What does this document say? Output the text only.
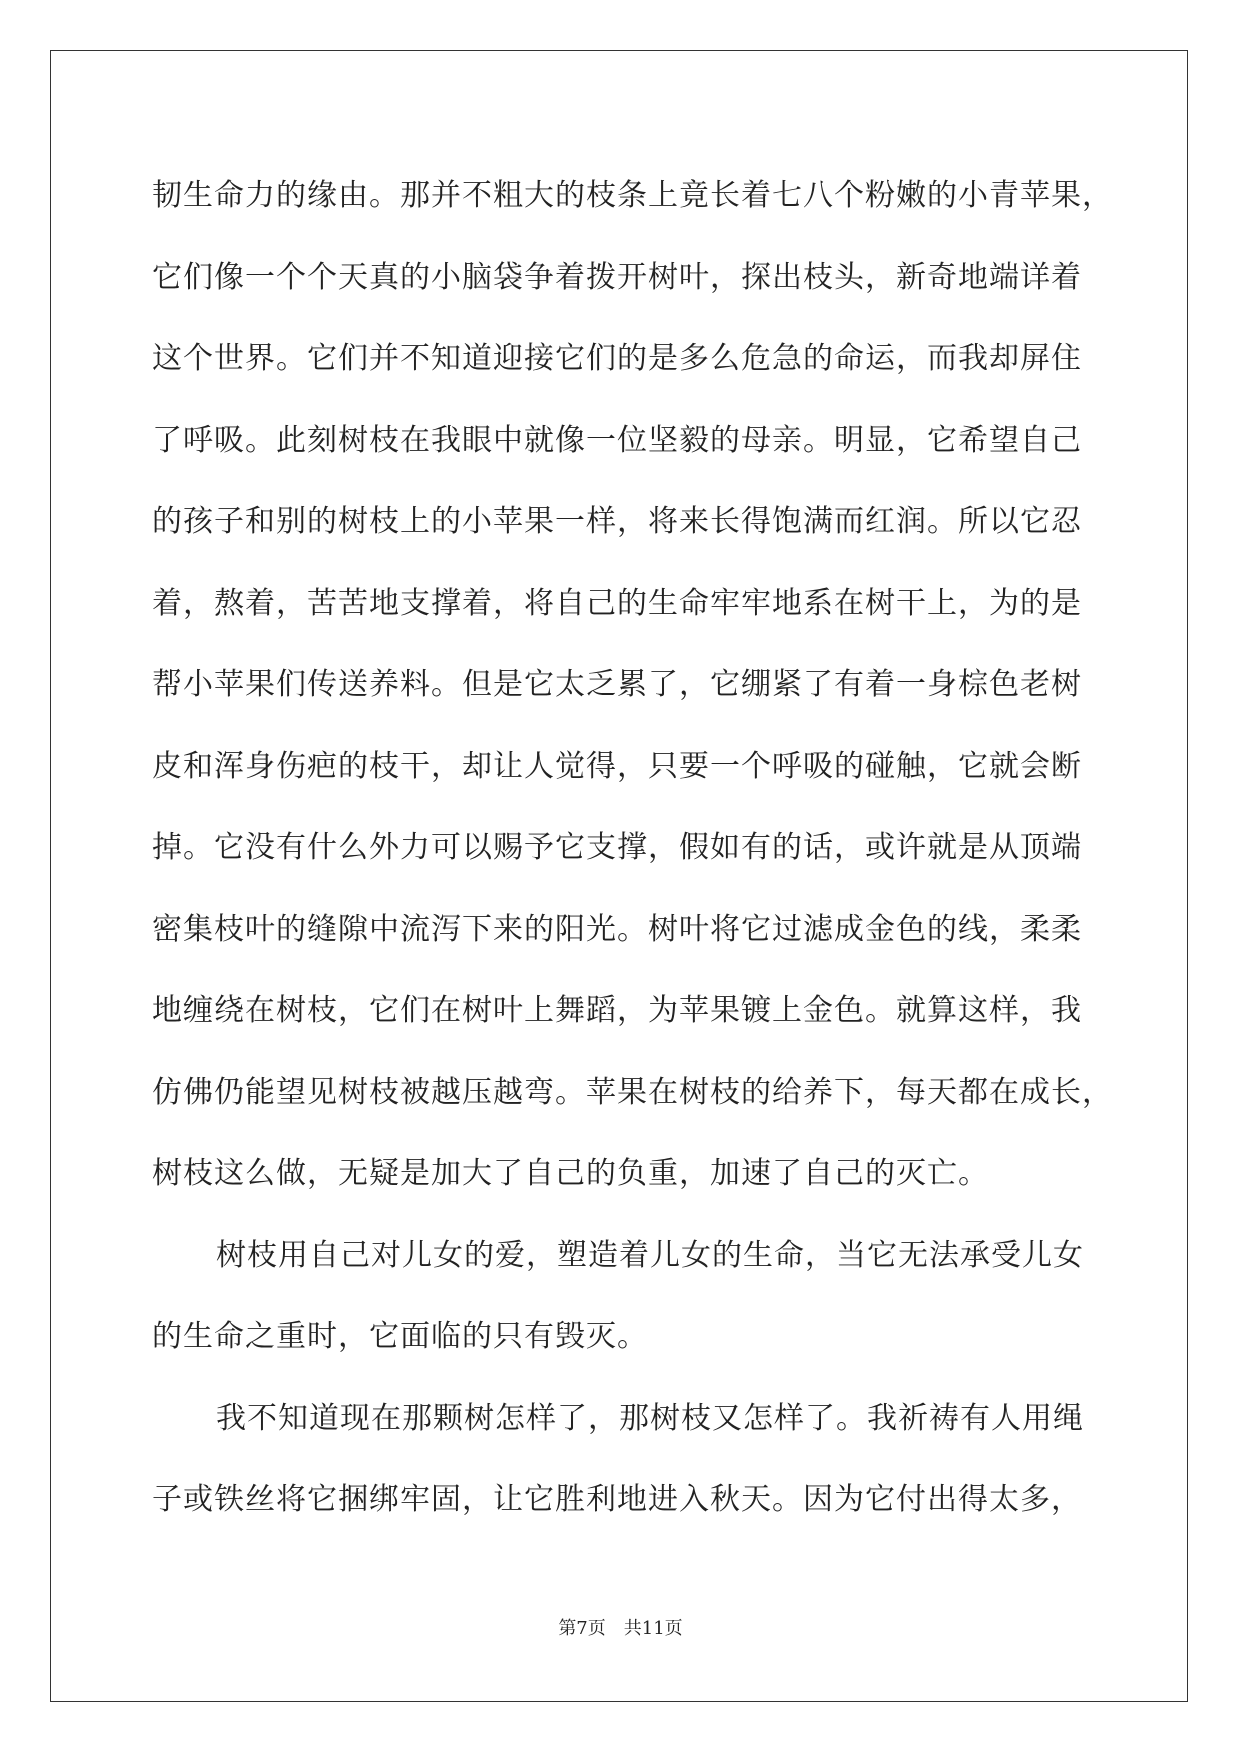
韧生命力的缘由。那并不粗大的枝条上竟长着七八个粉嫩的小青苹果，
它们像一个个天真的小脑袋争着拨开树叶，探出枝头，新奇地端详着
这个世界。它们并不知道迎接它们的是多么危急的命运，而我却屏住
了呼吸。此刻树枝在我眼中就像一位坚毅的母亲。明显，它希望自己
的孩子和别的树枝上的小苹果一样，将来长得饱满而红润。所以它忍
着，熬着，苦苦地支撑着，将自己的生命牢牢地系在树干上，为的是
帮小苹果们传送养料。但是它太乏累了，它绷紧了有着一身棕色老树
皮和浑身伤疤的枝干，却让人觉得，只要一个呼吸的碰触，它就会断
掉。它没有什么外力可以赐予它支撑，假如有的话，或许就是从顶端
密集枝叶的缝隙中流泻下来的阳光。树叶将它过滤成金色的线，柔柔
地缠绕在树枝，它们在树叶上舞蹈，为苹果镀上金色。就算这样，我
仿佛仍能望见树枝被越压越弯。苹果在树枝的给养下，每天都在成长，
树枝这么做，无疑是加大了自己的负重，加速了自己的灭亡。
树枝用自己对儿女的爱，塑造着儿女的生命，当它无法承受儿女
的生命之重时，它面临的只有毁灭。
我不知道现在那颗树怎样了，那树枝又怎样了。我祈祷有人用绳
子或铁丝将它捆绑牢固，让它胜利地进入秋天。因为它付出得太多，
第7页　共11页
